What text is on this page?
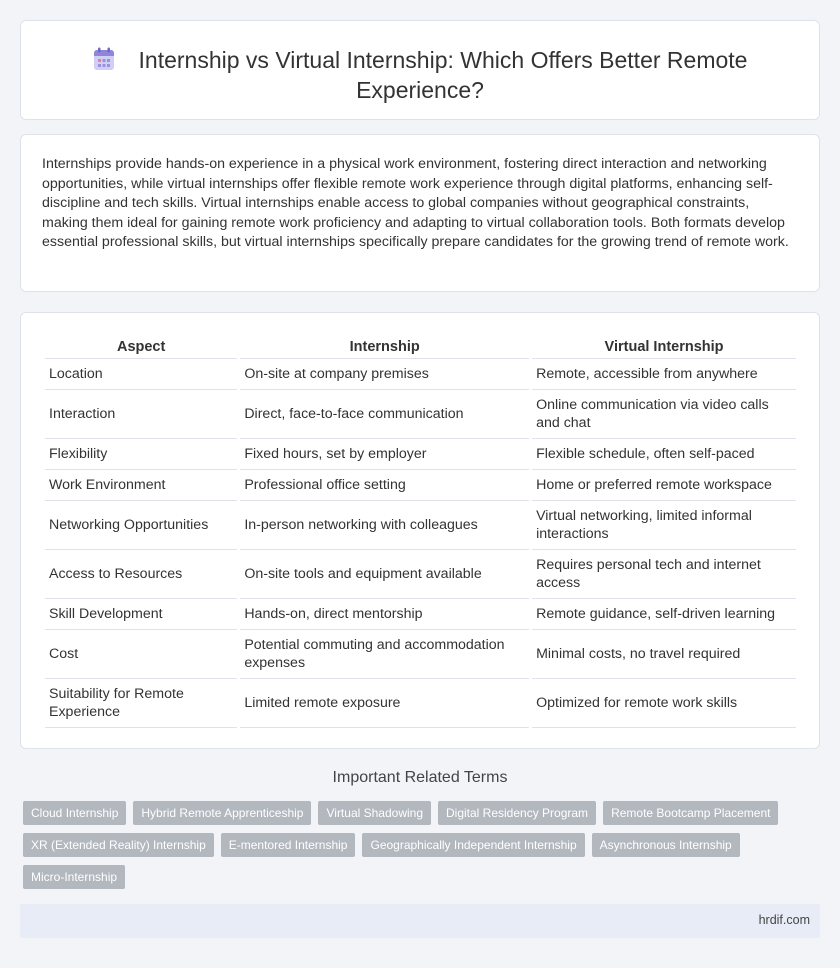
Internship vs Virtual Internship: Which Offers Better Remote Experience?

Internships provide hands-on experience in a physical work environment, fostering direct interaction and networking opportunities, while virtual internships offer flexible remote work experience through digital platforms, enhancing self-discipline and tech skills. Virtual internships enable access to global companies without geographical constraints, making them ideal for gaining remote work proficiency and adapting to virtual collaboration tools. Both formats develop essential professional skills, but virtual internships specifically prepare candidates for the growing trend of remote work.

Aspect	Internship	Virtual Internship
Location	On-site at company premises	Remote, accessible from anywhere
Interaction	Direct, face-to-face communication	Online communication via video calls and chat
Flexibility	Fixed hours, set by employer	Flexible schedule, often self-paced
Work Environment	Professional office setting	Home or preferred remote workspace
Networking Opportunities	In-person networking with colleagues	Virtual networking, limited informal interactions
Access to Resources	On-site tools and equipment available	Requires personal tech and internet access
Skill Development	Hands-on, direct mentorship	Remote guidance, self-driven learning
Cost	Potential commuting and accommodation expenses	Minimal costs, no travel required
Suitability for Remote Experience	Limited remote exposure	Optimized for remote work skills
Important Related Terms
Cloud Internship	Hybrid Remote Apprenticeship	Virtual Shadowing	Digital Residency Program	Remote Bootcamp Placement
XR (Extended Reality) Internship	E-mentored Internship	Geographically Independent Internship	Asynchronous Internship
Micro-Internship
hrdif.com
